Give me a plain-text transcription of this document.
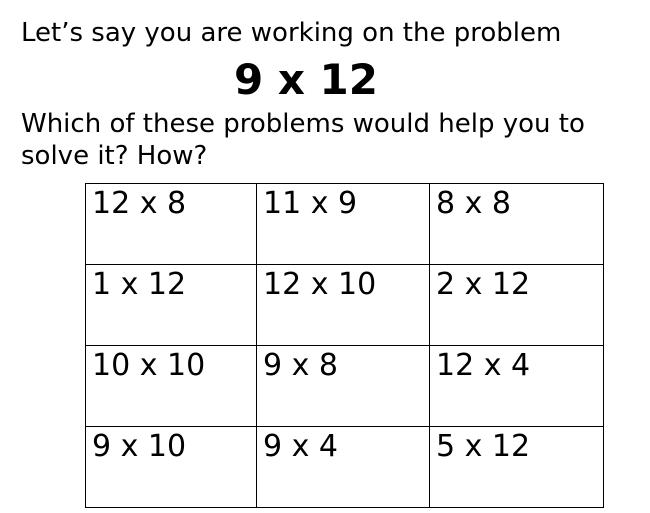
Let’s say you are working on the problem
9 x 12
Which of these problems would help you to solve it? How?
12 x 8	11 x 9	8 x 8
1 x 12	12 x 10	2 x 12
10 x 10	9 x 8	12 x 4
9 x 10	9 x 4	5 x 12
